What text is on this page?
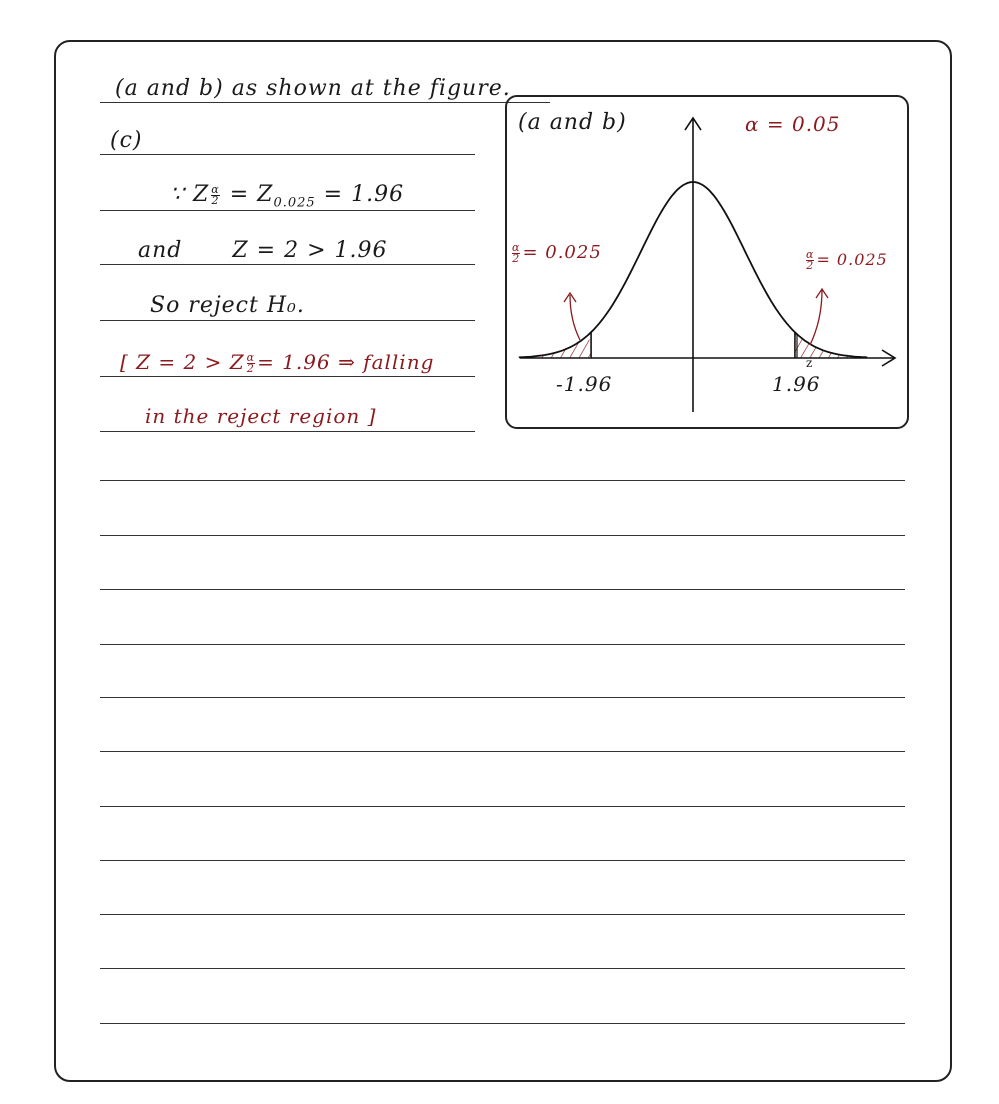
(a and b) as shown at the figure.
(c)
∵ Z $\frac{\alpha}{2} = Z_{0.025} = 1.96$
and Z = 2 > 1.96
So reject H₀.
[ Z = 2 > Z $\frac{\alpha}{2} = 1.96$ ⇒ falling
in the reject region ]
(a and b)	α = 0.05
$\frac{\alpha}{2} = 0.025$	$\frac{\alpha}{2} = 0.025$
-1.96	1.96
z
